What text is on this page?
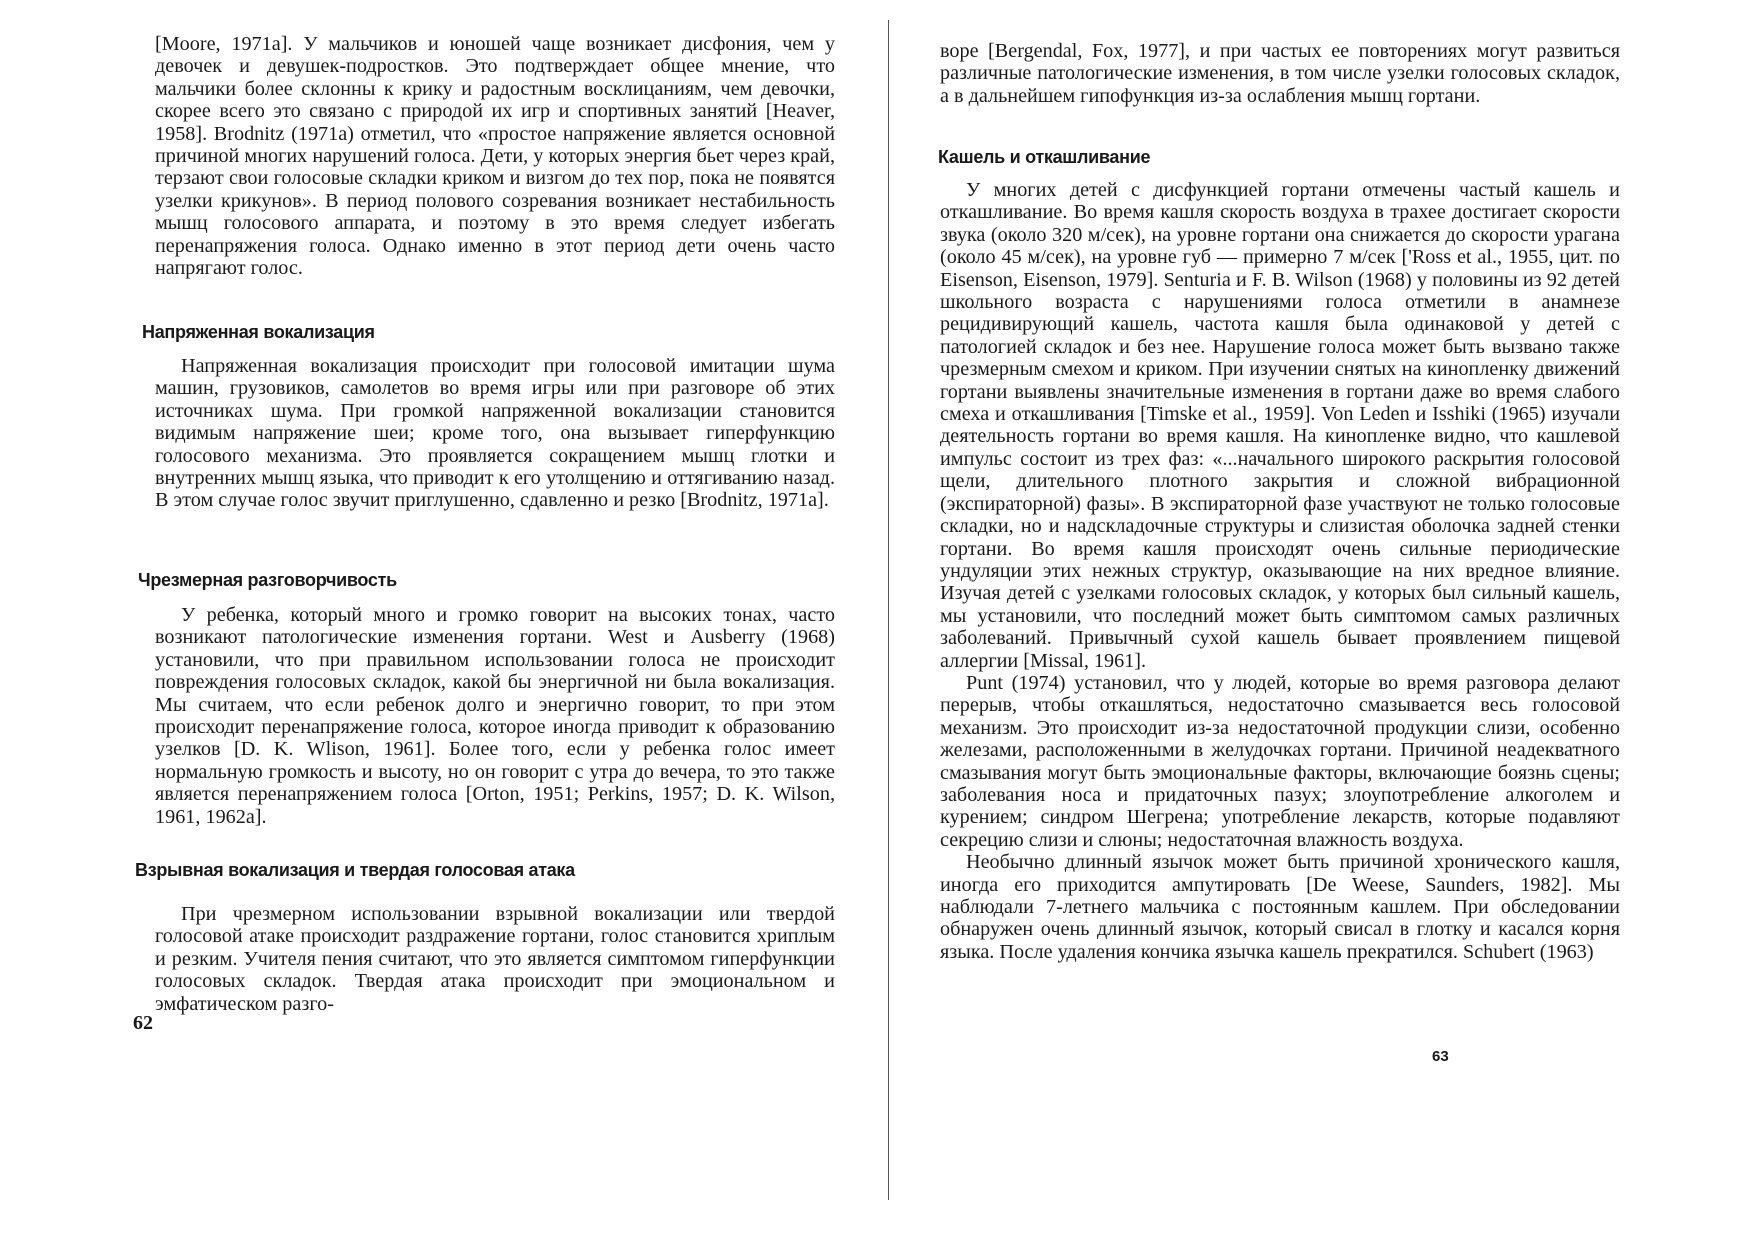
[Moore, 1971a]. У мальчиков и юношей чаще возникает дисфония, чем у девочек и девушек-подростков. Это подтверждает общее мнение, что мальчики более склонны к крику и радостным восклицаниям, чем девочки, скорее всего это связано с природой их игр и спортивных занятий [Heaver, 1958]. Brodnitz (1971a) отметил, что «простое напряжение является основной причиной многих нарушений голоса. Дети, у которых энергия бьет через край, терзают свои голосовые складки криком и визгом до тех пор, пока не появятся узелки крикунов». В период полового созревания возникает нестабильность мышц голосового аппарата, и поэтому в это время следует избегать перенапряжения голоса. Однако именно в этот период дети очень часто напрягают голос.

Напряженная вокализация

Напряженная вокализация происходит при голосовой имитации шума машин, грузовиков, самолетов во время игры или при разговоре об этих источниках шума. При громкой напряженной вокализации становится видимым напряжение шеи; кроме того, она вызывает гиперфункцию голосового механизма. Это проявляется сокращением мышц глотки и внутренних мышц языка, что приводит к его утолщению и оттягиванию назад. В этом случае голос звучит приглушенно, сдавленно и резко [Brodnitz, 1971a].

Чрезмерная разговорчивость

У ребенка, который много и громко говорит на высоких тонах, часто возникают патологические изменения гортани. West и Ausberry (1968) установили, что при правильном использовании голоса не происходит повреждения голосовых складок, какой бы энергичной ни была вокализация. Мы считаем, что если ребенок долго и энергично говорит, то при этом происходит перенапряжение голоса, которое иногда приводит к образованию узелков [D. K. Wlison, 1961]. Более того, если у ребенка голос имеет нормальную громкость и высоту, но он говорит с утра до вечера, то это также является перенапряжением голоса [Orton, 1951; Perkins, 1957; D. K. Wilson, 1961, 1962a].

Взрывная вокализация и твердая голосовая атака

При чрезмерном использовании взрывной вокализации или твердой голосовой атаке происходит раздражение гортани, голос становится хриплым и резким. Учителя пения считают, что это является симптомом гиперфункции голосовых складок. Твердая атака происходит при эмоциональном и эмфатическом разго-

62

воре [Bergendal, Fox, 1977], и при частых ее повторениях могут развиться различные патологические изменения, в том числе узелки голосовых складок, а в дальнейшем гипофункция из-за ослабления мышц гортани.

Кашель и откашливание

У многих детей с дисфункцией гортани отмечены частый кашель и откашливание. Во время кашля скорость воздуха в трахее достигает скорости звука (около 320 м/сек), на уровне гортани она снижается до скорости урагана (около 45 м/сек), на уровне губ — примерно 7 м/сек ['Ross et al., 1955, цит. по Eisenson, Eisenson, 1979]. Senturia и F. B. Wilson (1968) у половины из 92 детей школьного возраста с нарушениями голоса отметили в анамнезе рецидивирующий кашель, частота кашля была одинаковой у детей с патологией складок и без нее. Нарушение голоса может быть вызвано также чрезмерным смехом и криком. При изучении снятых на кинопленку движений гортани выявлены значительные изменения в гортани даже во время слабого смеха и откашливания [Timske et al., 1959]. Von Leden и Isshiki (1965) изучали деятельность гортани во время кашля. На кинопленке видно, что кашлевой импульс состоит из трех фаз: «...начального широкого раскрытия голосовой щели, длительного плотного закрытия и сложной вибрационной (экспираторной) фазы». В экспираторной фазе участвуют не только голосовые складки, но и надскладочные структуры и слизистая оболочка задней стенки гортани. Во время кашля происходят очень сильные периодические ундуляции этих нежных структур, оказывающие на них вредное влияние. Изучая детей с узелками голосовых складок, у которых был сильный кашель, мы установили, что последний может быть симптомом самых различных заболеваний. Привычный сухой кашель бывает проявлением пищевой аллергии [Missal, 1961].

Punt (1974) установил, что у людей, которые во время разговора делают перерыв, чтобы откашляться, недостаточно смазывается весь голосовой механизм. Это происходит из-за недостаточной продукции слизи, особенно железами, расположенными в желудочках гортани. Причиной неадекватного смазывания могут быть эмоциональные факторы, включающие боязнь сцены; заболевания носа и придаточных пазух; злоупотребление алкоголем и курением; синдром Шегрена; употребление лекарств, которые подавляют секрецию слизи и слюны; недостаточная влажность воздуха.

Необычно длинный язычок может быть причиной хронического кашля, иногда его приходится ампутировать [De Weese, Saunders, 1982]. Мы наблюдали 7-летнего мальчика с постоянным кашлем. При обследовании обнаружен очень длинный язычок, который свисал в глотку и касался корня языка. После удаления кончика язычка кашель прекратился. Schubert (1963)

63
